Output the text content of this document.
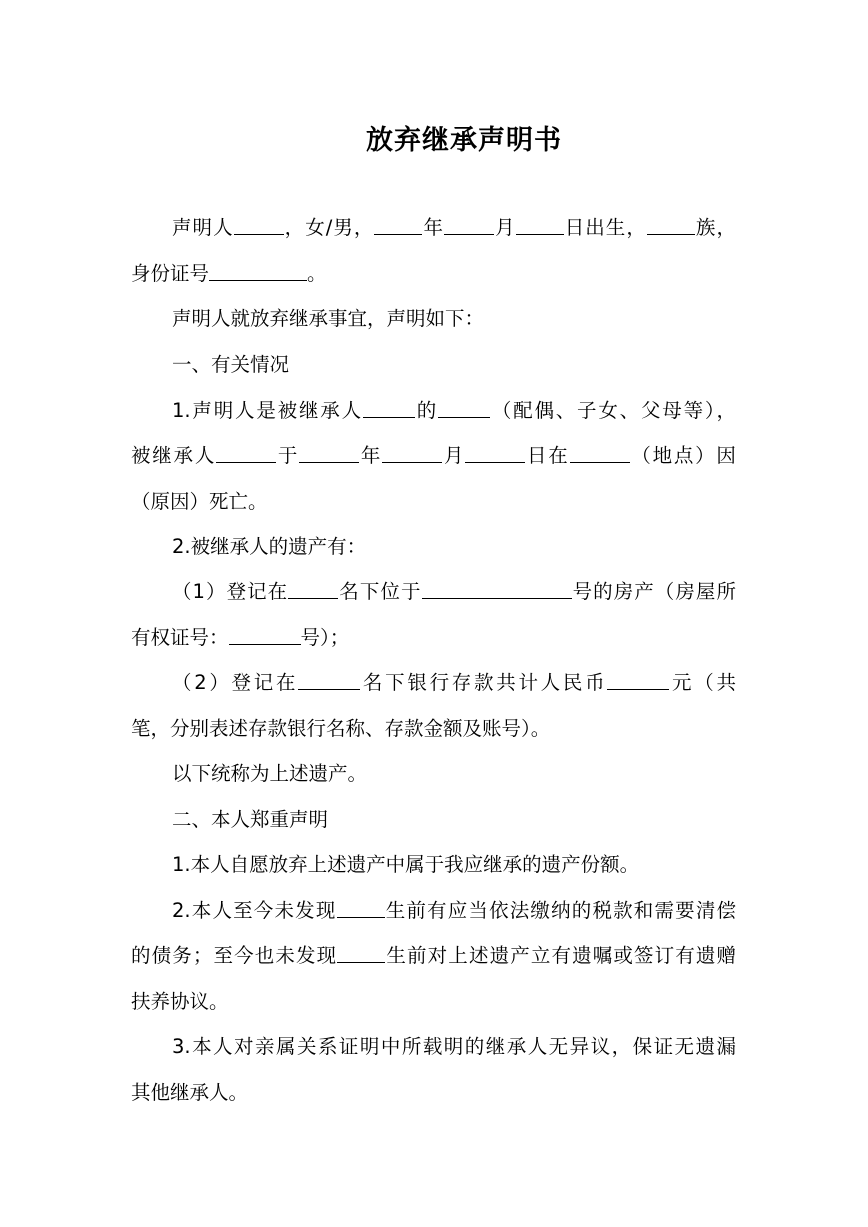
放弃继承声明书
声明人	，女/男， 年	月 日出生， 族，
身份证号	。
声明人就放弃继承事宜，声明如下：
一、有关情况
1.声明人是被继承人	的	（配偶、子女、父母等），
被继承人	于	年	月	日在	（地点）因
（原因）死亡。
2.被继承人的遗产有：
（1）登记在	名下位于	号的房产（房屋所
有权证号：	号）；
（2）登记在	名下银行存款共计人民币	元（共
笔，分别表述存款银行名称、存款金额及账号）。
以下统称为上述遗产。
二、本人郑重声明
1.本人自愿放弃上述遗产中属于我应继承的遗产份额。
2.本人至今未发现 生前有应当依法缴纳的税款和需要清偿
的债务；至今也未发现 生前对上述遗产立有遗嘱或签订有遗赠
扶养协议。
3.本人对亲属关系证明中所载明的继承人无异议，保证无遗漏
其他继承人。
